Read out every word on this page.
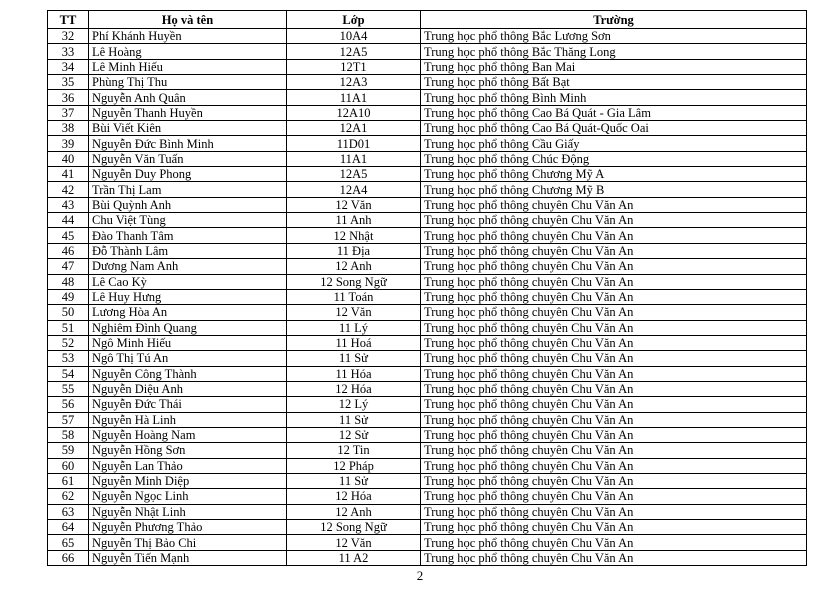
TT	Họ và tên	Lớp	Trường
32	Phí Khánh Huyền	10A4	Trung học phổ thông Bắc Lương Sơn
33	Lê Hoàng	12A5	Trung học phổ thông Bắc Thăng Long
34	Lê Minh Hiếu	12T1	Trung học phổ thông Ban Mai
35	Phùng Thị Thu	12A3	Trung học phổ thông Bất Bạt
36	Nguyễn Anh Quân	11A1	Trung học phổ thông Bình Minh
37	Nguyễn Thanh Huyền	12A10	Trung học phổ thông Cao Bá Quát - Gia Lâm
38	Bùi Viết Kiên	12A1	Trung học phổ thông Cao Bá Quát-Quốc Oai
39	Nguyễn Đức Bình Minh	11D01	Trung học phổ thông Cầu Giấy
40	Nguyễn Văn Tuấn	11A1	Trung học phổ thông Chúc Động
41	Nguyễn Duy Phong	12A5	Trung học phổ thông Chương Mỹ A
42	Trần Thị Lam	12A4	Trung học phổ thông Chương Mỹ B
43	Bùi Quỳnh Anh	12 Văn	Trung học phổ thông chuyên Chu Văn An
44	Chu Việt Tùng	11 Anh	Trung học phổ thông chuyên Chu Văn An
45	Đào Thanh Tâm	12 Nhật	Trung học phổ thông chuyên Chu Văn An
46	Đỗ Thành Lâm	11 Địa	Trung học phổ thông chuyên Chu Văn An
47	Dương Nam Anh	12 Anh	Trung học phổ thông chuyên Chu Văn An
48	Lê Cao Kỳ	12 Song Ngữ	Trung học phổ thông chuyên Chu Văn An
49	Lê Huy Hưng	11 Toán	Trung học phổ thông chuyên Chu Văn An
50	Lương Hòa An	12 Văn	Trung học phổ thông chuyên Chu Văn An
51	Nghiêm Đình Quang	11 Lý	Trung học phổ thông chuyên Chu Văn An
52	Ngô Minh Hiếu	11 Hoá	Trung học phổ thông chuyên Chu Văn An
53	Ngô Thị Tú An	11 Sử	Trung học phổ thông chuyên Chu Văn An
54	Nguyễn Công Thành	11 Hóa	Trung học phổ thông chuyên Chu Văn An
55	Nguyễn Diệu Anh	12 Hóa	Trung học phổ thông chuyên Chu Văn An
56	Nguyễn Đức Thái	12 Lý	Trung học phổ thông chuyên Chu Văn An
57	Nguyễn Hà Linh	11 Sử	Trung học phổ thông chuyên Chu Văn An
58	Nguyễn Hoàng Nam	12 Sử	Trung học phổ thông chuyên Chu Văn An
59	Nguyễn Hồng Sơn	12 Tin	Trung học phổ thông chuyên Chu Văn An
60	Nguyễn Lan Thảo	12 Pháp	Trung học phổ thông chuyên Chu Văn An
61	Nguyễn Minh Diệp	11 Sử	Trung học phổ thông chuyên Chu Văn An
62	Nguyễn Ngọc Linh	12 Hóa	Trung học phổ thông chuyên Chu Văn An
63	Nguyễn Nhật Linh	12 Anh	Trung học phổ thông chuyên Chu Văn An
64	Nguyễn Phương Thảo	12 Song Ngữ	Trung học phổ thông chuyên Chu Văn An
65	Nguyễn Thị Bảo Chi	12 Văn	Trung học phổ thông chuyên Chu Văn An
66	Nguyễn Tiến Mạnh	11 A2	Trung học phổ thông chuyên Chu Văn An
2
